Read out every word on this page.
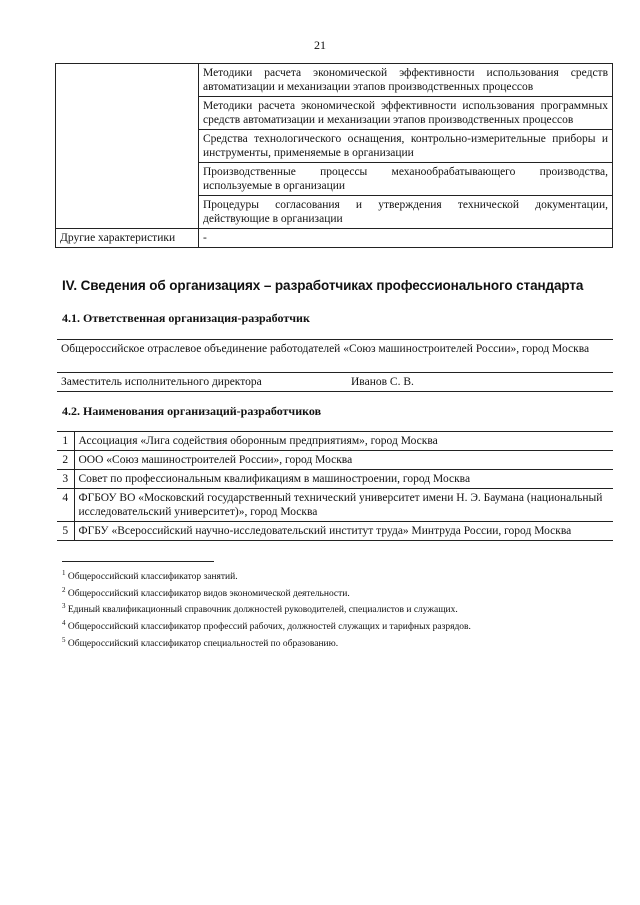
21
	Методики расчета экономической эффективности использования средств автоматизации и механизации этапов производственных процессов
	Методики расчета экономической эффективности использования программных средств автоматизации и механизации этапов производственных процессов
	Средства технологического оснащения, контрольно-измерительные приборы и инструменты, применяемые в организации
	Производственные процессы механообрабатывающего производства, используемые в организации
	Процедуры согласования и утверждения технической документации, действующие в организации
Другие характеристики	-
IV. Сведения об организациях – разработчиках профессионального стандарта
4.1. Ответственная организация-разработчик
Общероссийское отраслевое объединение работодателей «Союз машиностроителей России», город Москва
Заместитель исполнительного директора	Иванов С. В.
4.2. Наименования организаций-разработчиков
1	Ассоциация «Лига содействия оборонным предприятиям», город Москва
2	ООО «Союз машиностроителей России», город Москва
3	Совет по профессиональным квалификациям в машиностроении, город Москва
4	ФГБОУ ВО «Московский государственный технический университет имени Н. Э. Баумана (национальный исследовательский университет)», город Москва
5	ФГБУ «Всероссийский научно-исследовательский институт труда» Минтруда России, город Москва
$^1$ Общероссийский классификатор занятий.
$^2$ Общероссийский классификатор видов экономической деятельности.
$^3$ Единый квалификационный справочник должностей руководителей, специалистов и служащих.
$^4$ Общероссийский классификатор профессий рабочих, должностей служащих и тарифных разрядов.
$^5$ Общероссийский классификатор специальностей по образованию.
